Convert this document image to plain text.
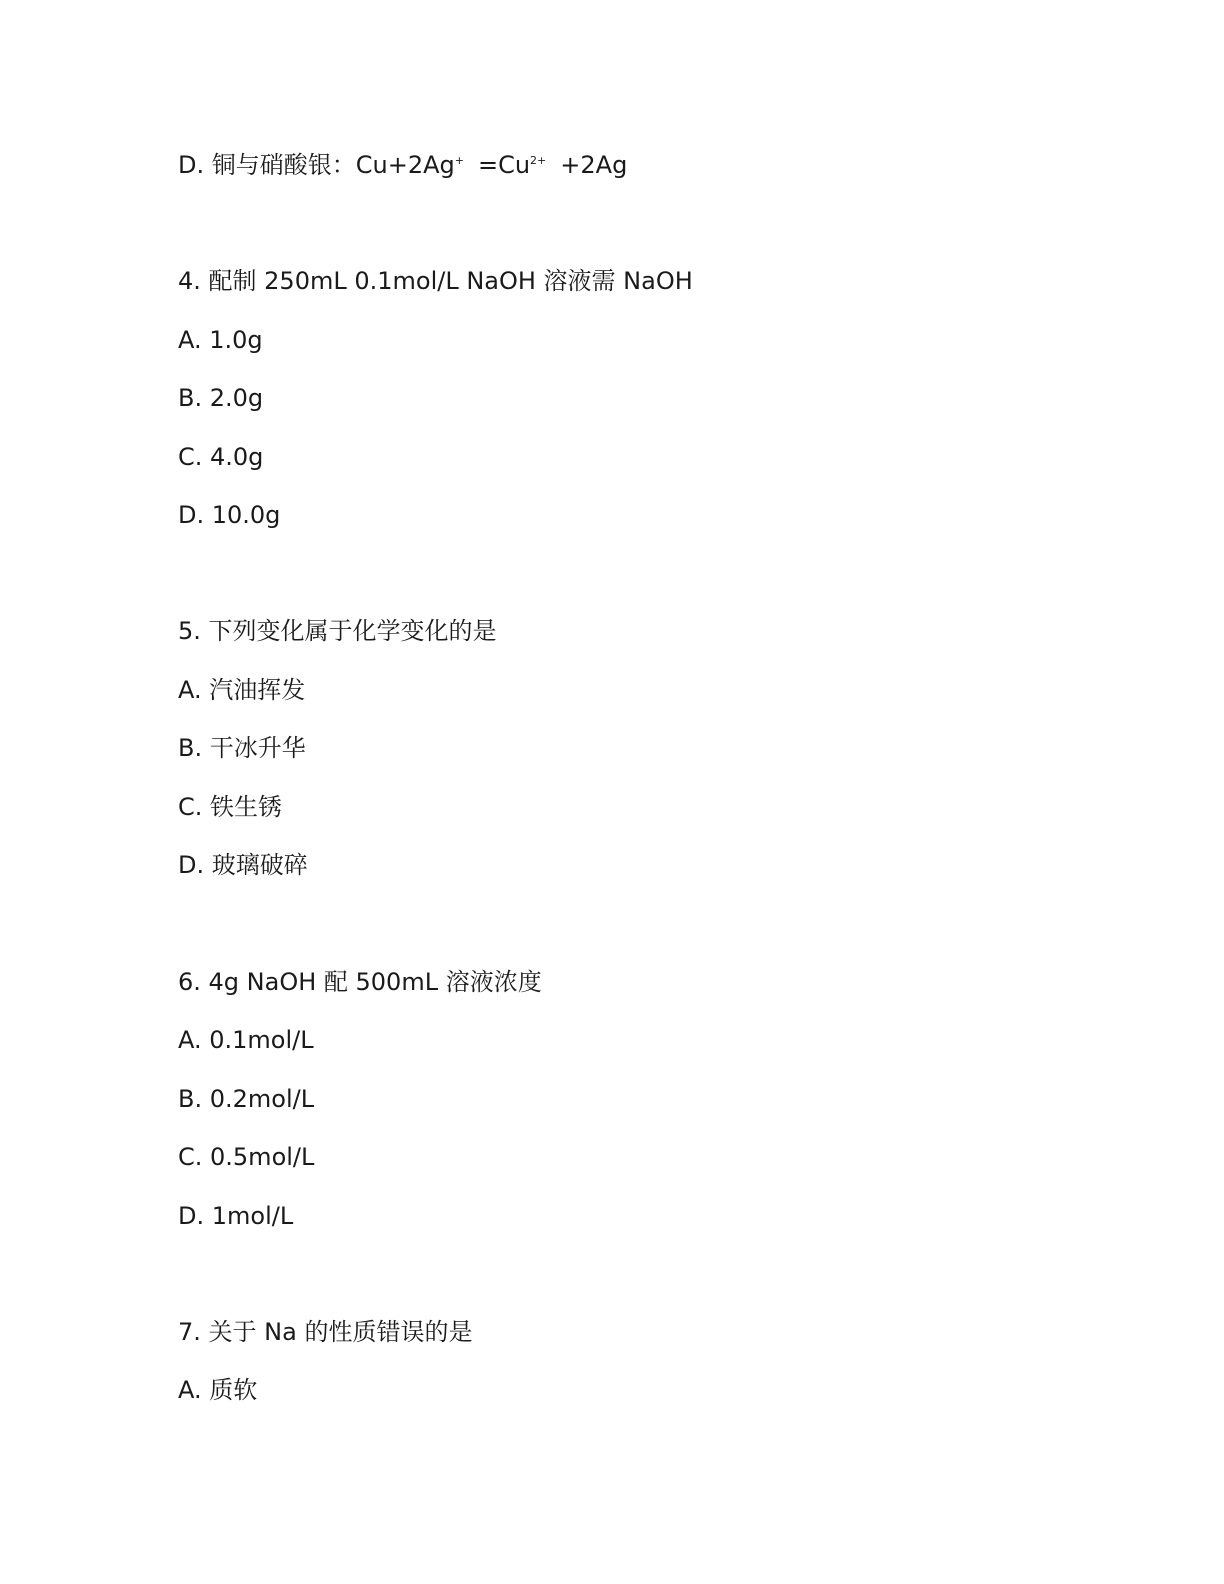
D. 铜与硝酸银：$Cu+2Ag^+ =Cu^{2+} +2Ag$
4. 配制 250mL 0.1mol/L NaOH 溶液需 NaOH
A. 1.0g
B. 2.0g
C. 4.0g
D. 10.0g
5. 下列变化属于化学变化的是
A. 汽油挥发
B. 干冰升华
C. 铁生锈
D. 玻璃破碎
6. 4g NaOH 配 500mL 溶液浓度
A. 0.1mol/L
B. 0.2mol/L
C. 0.5mol/L
D. 1mol/L
7. 关于 Na 的性质错误的是
A. 质软
